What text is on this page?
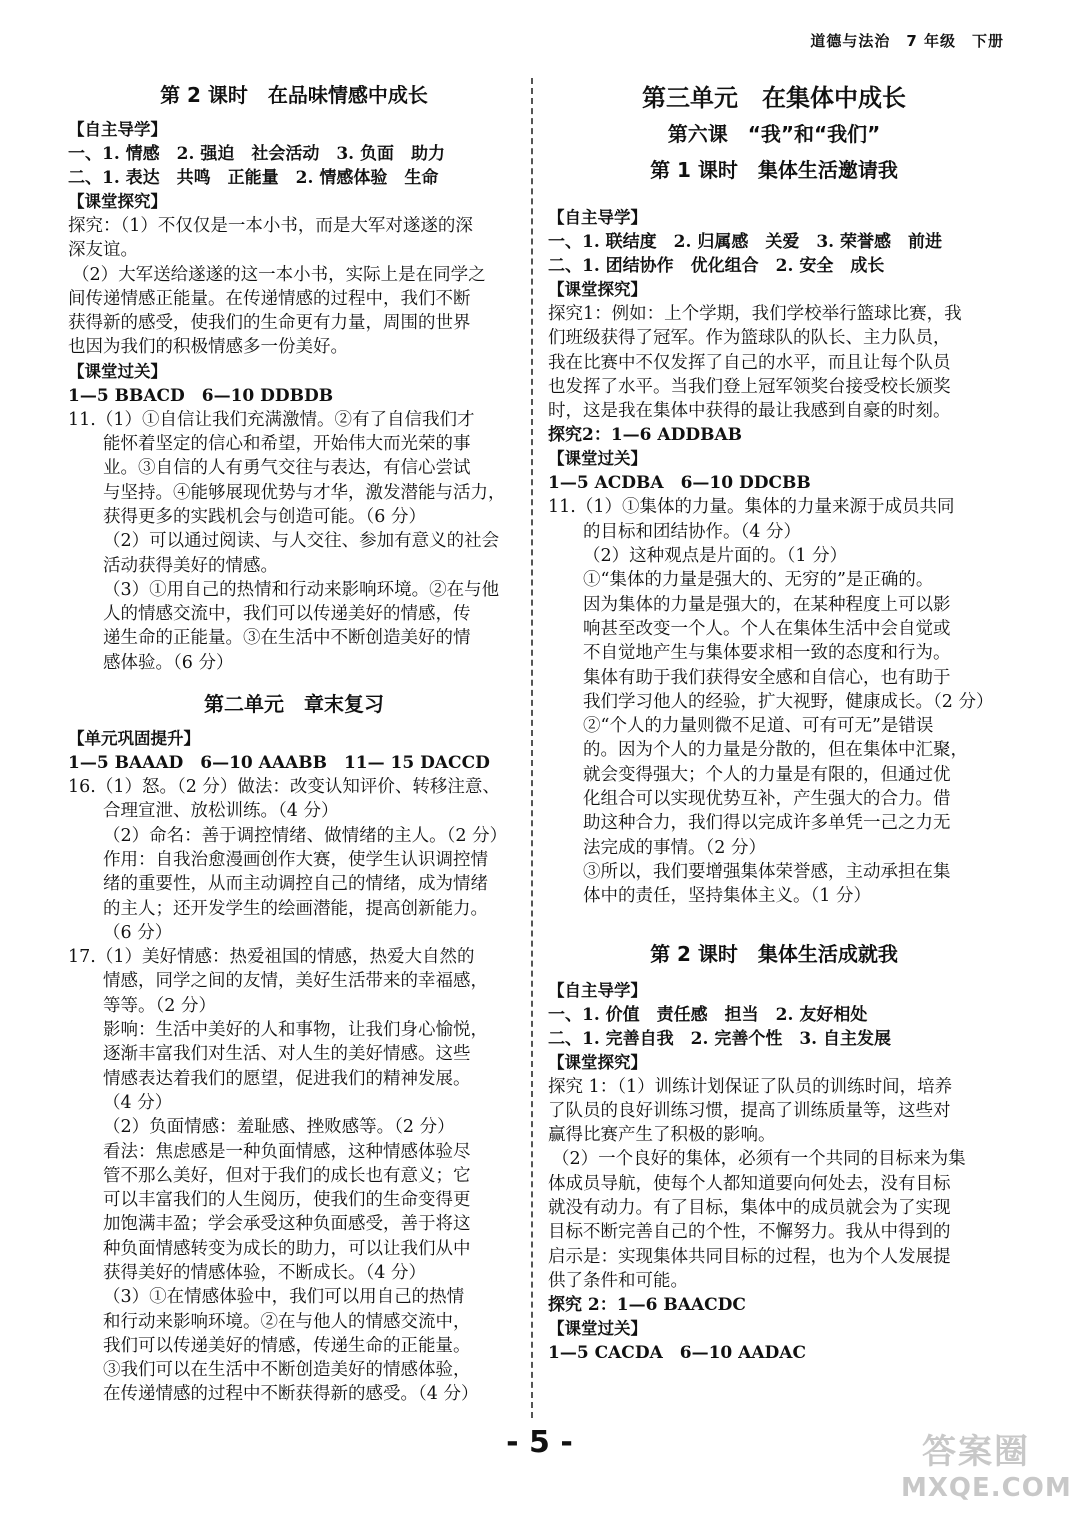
道德与法治　7 年级　下册
第 2 课时　在品味情感中成长
【自主导学】
一、1. 情感　2. 强迫　社会活动　3. 负面　助力
二、1. 表达　共鸣　正能量　2. 情感体验　生命
【课堂探究】
探究：（1）不仅仅是一本小书，而是大军对遂遂的深
深友谊。
（2）大军送给遂遂的这一本小书，实际上是在同学之
间传递情感正能量。在传递情感的过程中，我们不断
获得新的感受，使我们的生命更有力量，周围的世界
也因为我们的积极情感多一份美好。
【课堂过关】
1—5 BBACD　6—10 DDBDB
11.（1）①自信让我们充满激情。②有了自信我们才
能怀着坚定的信心和希望，开始伟大而光荣的事
业。③自信的人有勇气交往与表达，有信心尝试
与坚持。④能够展现优势与才华，激发潜能与活力，
获得更多的实践机会与创造可能。（6 分）
（2）可以通过阅读、与人交往、参加有意义的社会
活动获得美好的情感。
（3）①用自己的热情和行动来影响环境。②在与他
人的情感交流中，我们可以传递美好的情感，传
递生命的正能量。③在生活中不断创造美好的情
感体验。（6 分）
第二单元　章末复习
【单元巩固提升】
1—5 BAAAD　6—10 AAABB　11— 15 DACCD
16.（1）怒。（2 分）做法：改变认知评价、转移注意、
合理宣泄、放松训练。（4 分）
（2）命名：善于调控情绪、做情绪的主人。（2 分）
作用：自我治愈漫画创作大赛，使学生认识调控情
绪的重要性，从而主动调控自己的情绪，成为情绪
的主人；还开发学生的绘画潜能，提高创新能力。
（6 分）
17.（1）美好情感：热爱祖国的情感，热爱大自然的
情感，同学之间的友情，美好生活带来的幸福感，
等等。（2 分）
影响：生活中美好的人和事物，让我们身心愉悦，
逐渐丰富我们对生活、对人生的美好情感。这些
情感表达着我们的愿望，促进我们的精神发展。
（4 分）
（2）负面情感：羞耻感、挫败感等。（2 分）
看法：焦虑感是一种负面情感，这种情感体验尽
管不那么美好，但对于我们的成长也有意义；它
可以丰富我们的人生阅历，使我们的生命变得更
加饱满丰盈；学会承受这种负面感受，善于将这
种负面情感转变为成长的助力，可以让我们从中
获得美好的情感体验，不断成长。（4 分）
（3）①在情感体验中，我们可以用自己的热情
和行动来影响环境。②在与他人的情感交流中，
我们可以传递美好的情感，传递生命的正能量。
③我们可以在生活中不断创造美好的情感体验，
在传递情感的过程中不断获得新的感受。（4 分）
第三单元　在集体中成长
第六课　“我”和“我们”
第 1 课时　集体生活邀请我
【自主导学】
一、1. 联结度　2. 归属感　关爱　3. 荣誉感　前进
二、1. 团结协作　优化组合　2. 安全　成长
【课堂探究】
探究1：例如：上个学期，我们学校举行篮球比赛，我
们班级获得了冠军。作为篮球队的队长、主力队员，
我在比赛中不仅发挥了自己的水平，而且让每个队员
也发挥了水平。当我们登上冠军领奖台接受校长颁奖
时，这是我在集体中获得的最让我感到自豪的时刻。
探究2：1—6 ADDBAB
【课堂过关】
1—5 ACDBA　6—10 DDCBB
11.（1）①集体的力量。集体的力量来源于成员共同
的目标和团结协作。（4 分）
（2）这种观点是片面的。（1 分）
①“集体的力量是强大的、无穷的”是正确的。
因为集体的力量是强大的，在某种程度上可以影
响甚至改变一个人。个人在集体生活中会自觉或
不自觉地产生与集体要求相一致的态度和行为。
集体有助于我们获得安全感和自信心，也有助于
我们学习他人的经验，扩大视野，健康成长。（2 分）
②“个人的力量则微不足道、可有可无”是错误
的。因为个人的力量是分散的，但在集体中汇聚，
就会变得强大；个人的力量是有限的，但通过优
化组合可以实现优势互补，产生强大的合力。借
助这种合力，我们得以完成许多单凭一己之力无
法完成的事情。（2 分）
③所以，我们要增强集体荣誉感，主动承担在集
体中的责任，坚持集体主义。（1 分）
第 2 课时　集体生活成就我
【自主导学】
一、1. 价值　责任感　担当　2. 友好相处
二、1. 完善自我　2. 完善个性　3. 自主发展
【课堂探究】
探究 1：（1）训练计划保证了队员的训练时间，培养
了队员的良好训练习惯，提高了训练质量等，这些对
赢得比赛产生了积极的影响。
（2）一个良好的集体，必须有一个共同的目标来为集
体成员导航，使每个人都知道要向何处去，没有目标
就没有动力。有了目标，集体中的成员就会为了实现
目标不断完善自己的个性，不懈努力。我从中得到的
启示是：实现集体共同目标的过程，也为个人发展提
供了条件和可能。
探究 2：1—6 BAACDC
【课堂过关】
1—5 CACDA　6—10 AADAC
- 5 -	答案圈
MXQE.COM
